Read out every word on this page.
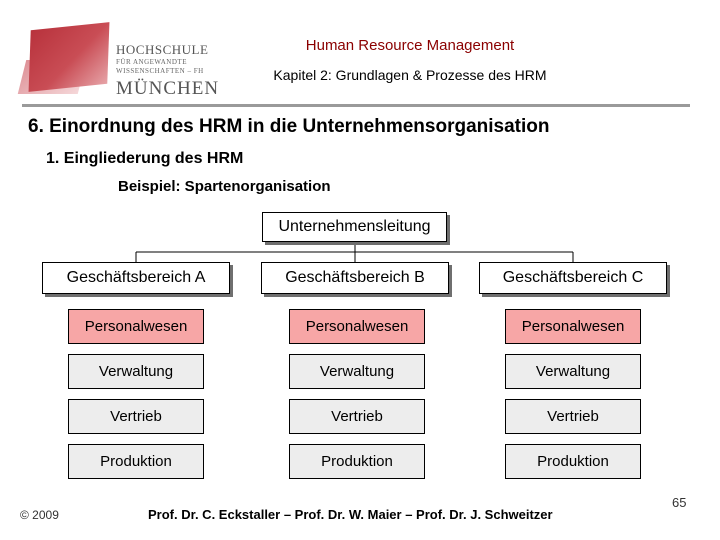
HOCHSCHULE
FÜR ANGEWANDTE
WISSENSCHAFTEN – FH
MÜNCHEN
Human Resource Management
Kapitel 2: Grundlagen & Prozesse des HRM
6. Einordnung des HRM in die Unternehmensorganisation
1. Eingliederung des HRM
Beispiel: Spartenorganisation
Unternehmensleitung
Geschäftsbereich A	Geschäftsbereich B	Geschäftsbereich C
Personalwesen
Verwaltung
Vertrieb
Produktion
Personalwesen
Verwaltung
Vertrieb
Produktion
Personalwesen
Verwaltung
Vertrieb
Produktion
© 2009	Prof. Dr. C. Eckstaller – Prof. Dr. W. Maier – Prof. Dr. J. Schweitzer
65
